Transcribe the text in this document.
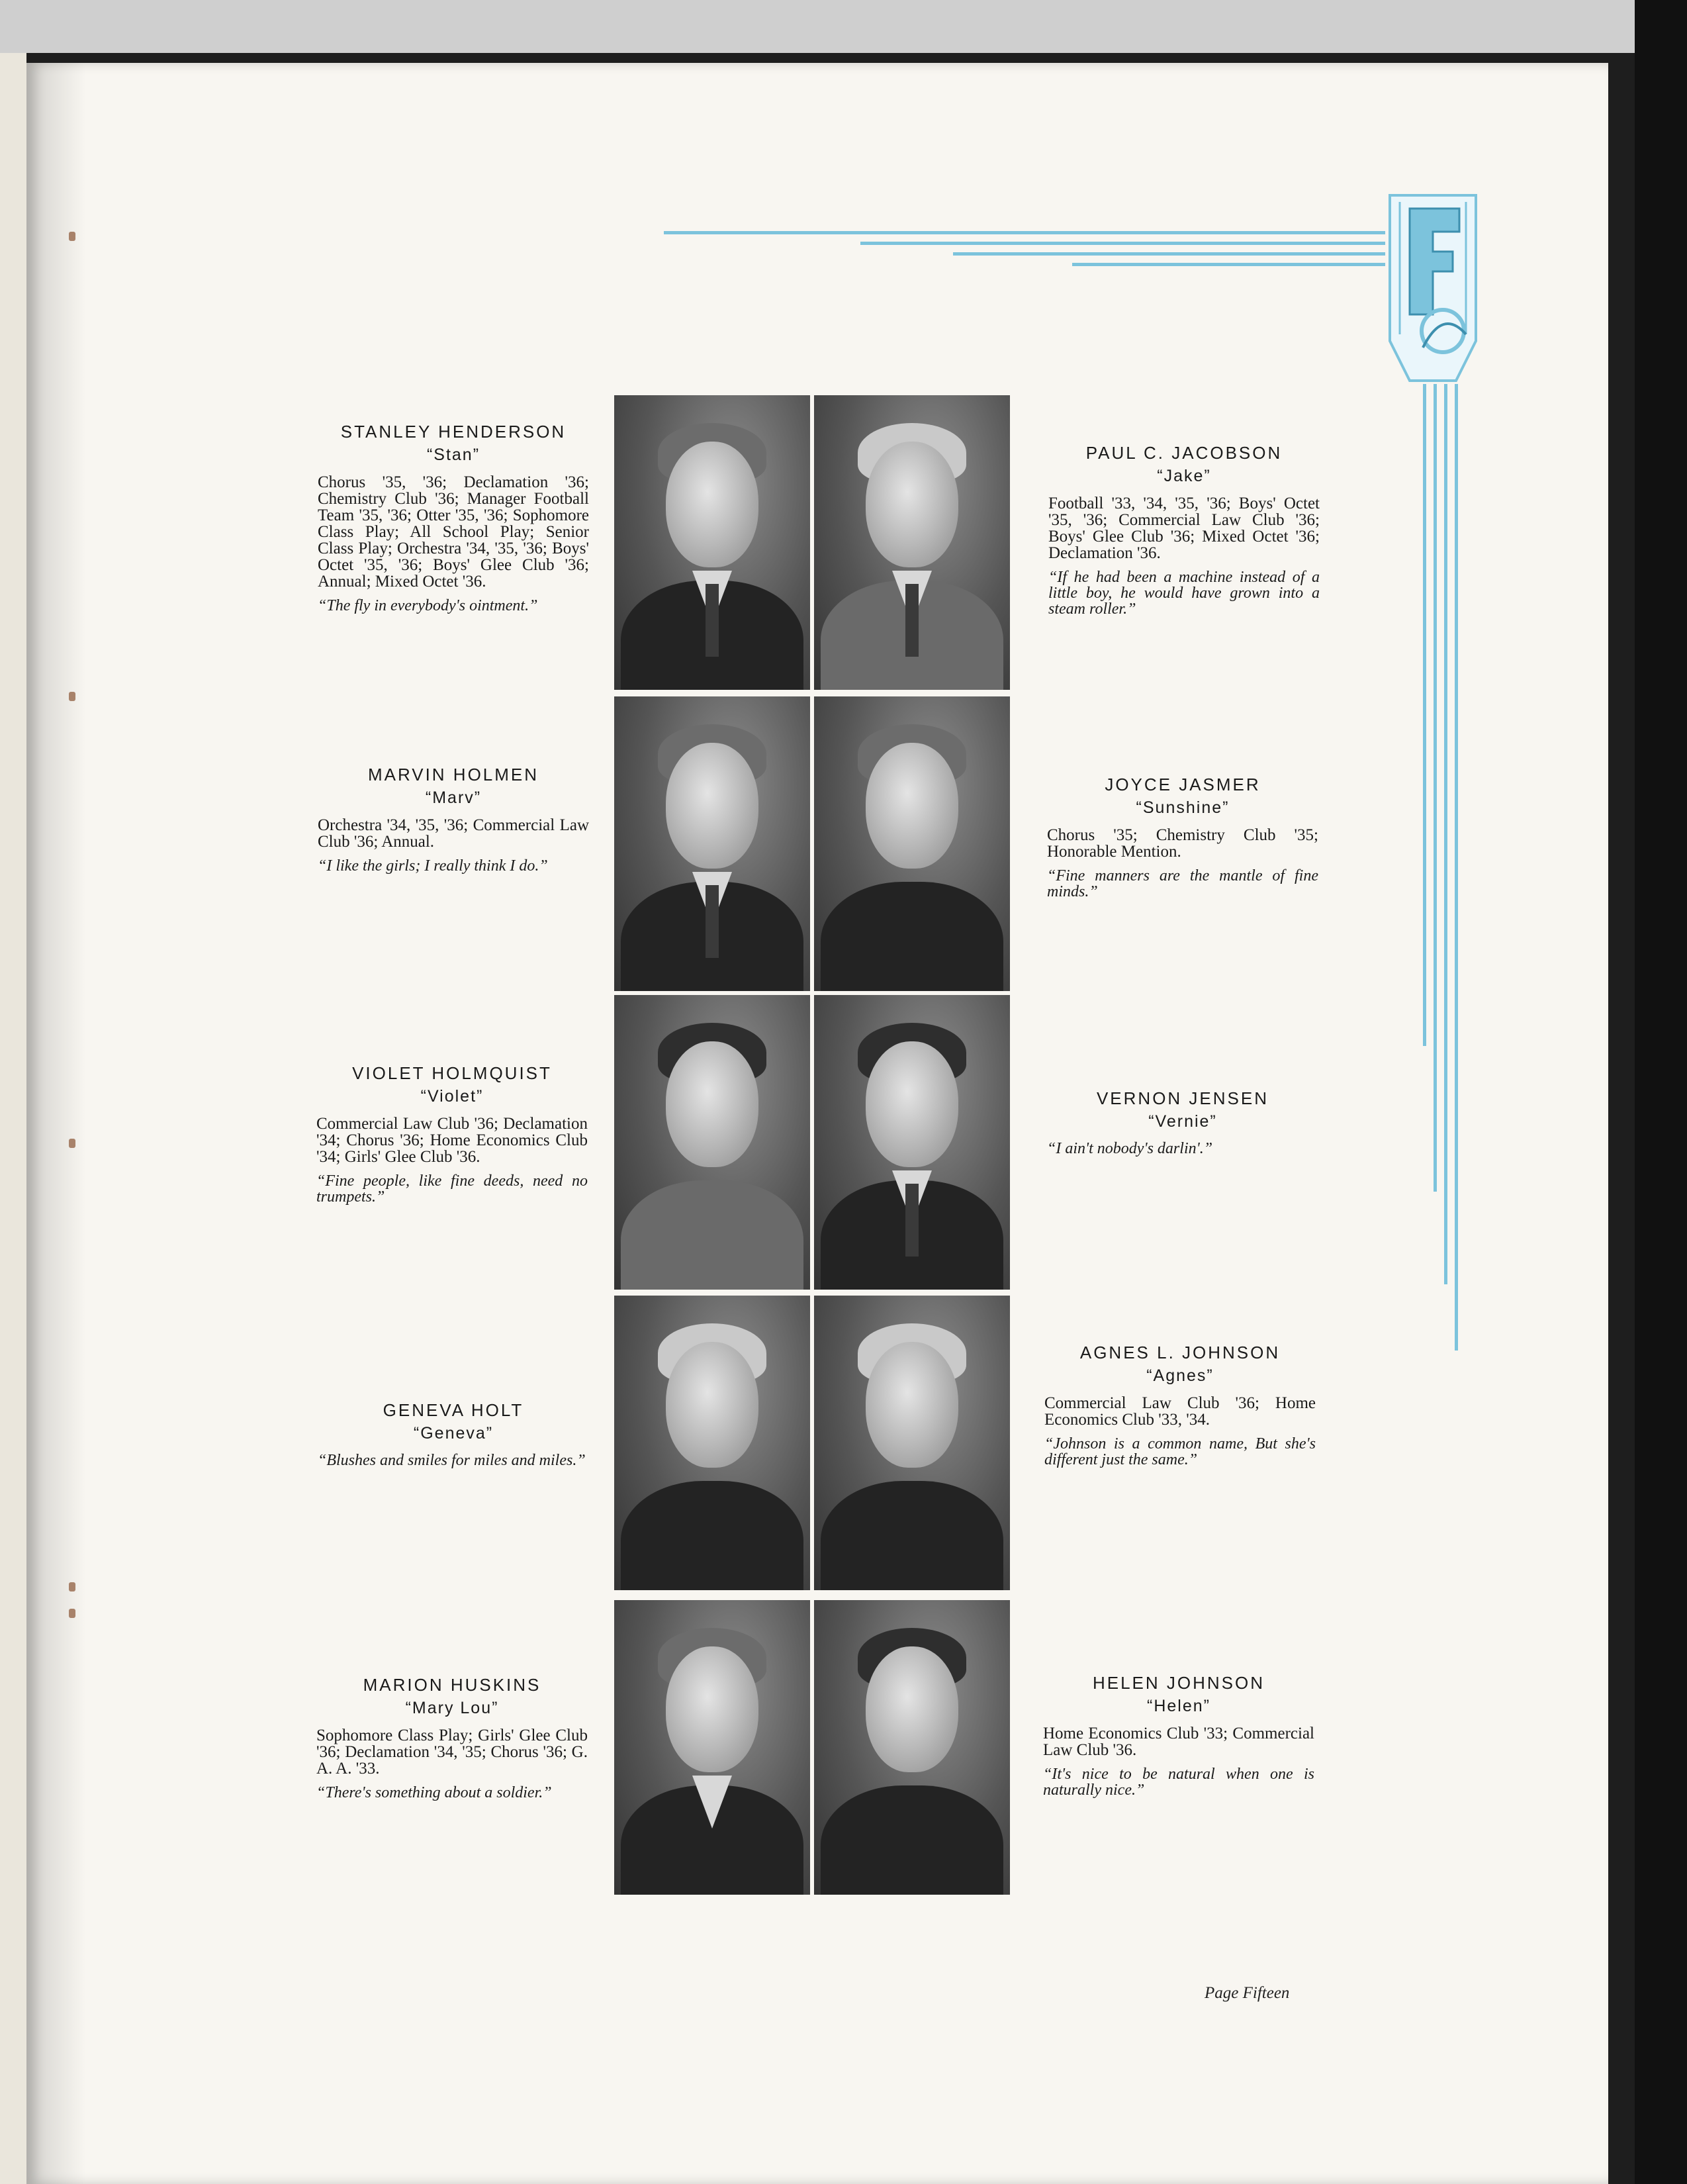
STANLEY HENDERSON
“Stan”
Chorus '35, '36; Declamation '36; Chemistry Club '36; Manager Football Team '35, '36; Otter '35, '36; Sophomore Class Play; All School Play; Senior Class Play; Orchestra '34, '35, '36; Boys' Octet '35, '36; Boys' Glee Club '36; Annual; Mixed Octet '36.
“The fly in everybody's ointment.”
MARVIN HOLMEN
“Marv”
Orchestra '34, '35, '36; Commercial Law Club '36; Annual.
“I like the girls; I really think I do.”
VIOLET HOLMQUIST
“Violet”
Commercial Law Club '36; Declamation '34; Chorus '36; Home Economics Club '34; Girls' Glee Club '36.
“Fine people, like fine deeds, need no trumpets.”
GENEVA HOLT
“Geneva”
“Blushes and smiles for miles and miles.”
MARION HUSKINS
“Mary Lou”
Sophomore Class Play; Girls' Glee Club '36; Declamation '34, '35; Chorus '36; G. A. A. '33.
“There's something about a soldier.”
PAUL C. JACOBSON
“Jake”
Football '33, '34, '35, '36; Boys' Octet '35, '36; Commercial Law Club '36; Boys' Glee Club '36; Mixed Octet '36; Declamation '36.
“If he had been a machine instead of a little boy, he would have grown into a steam roller.”
JOYCE JASMER
“Sunshine”
Chorus '35; Chemistry Club '35; Honorable Mention.
“Fine manners are the mantle of fine minds.”
VERNON JENSEN
“Vernie”
“I ain't nobody's darlin'.”
AGNES L. JOHNSON
“Agnes”
Commercial Law Club '36; Home Economics Club '33, '34.
“Johnson is a common name, But she's different just the same.”
HELEN JOHNSON
“Helen”
Home Economics Club '33; Commercial Law Club '36.
“It's nice to be natural when one is naturally nice.”
Page Fifteen
